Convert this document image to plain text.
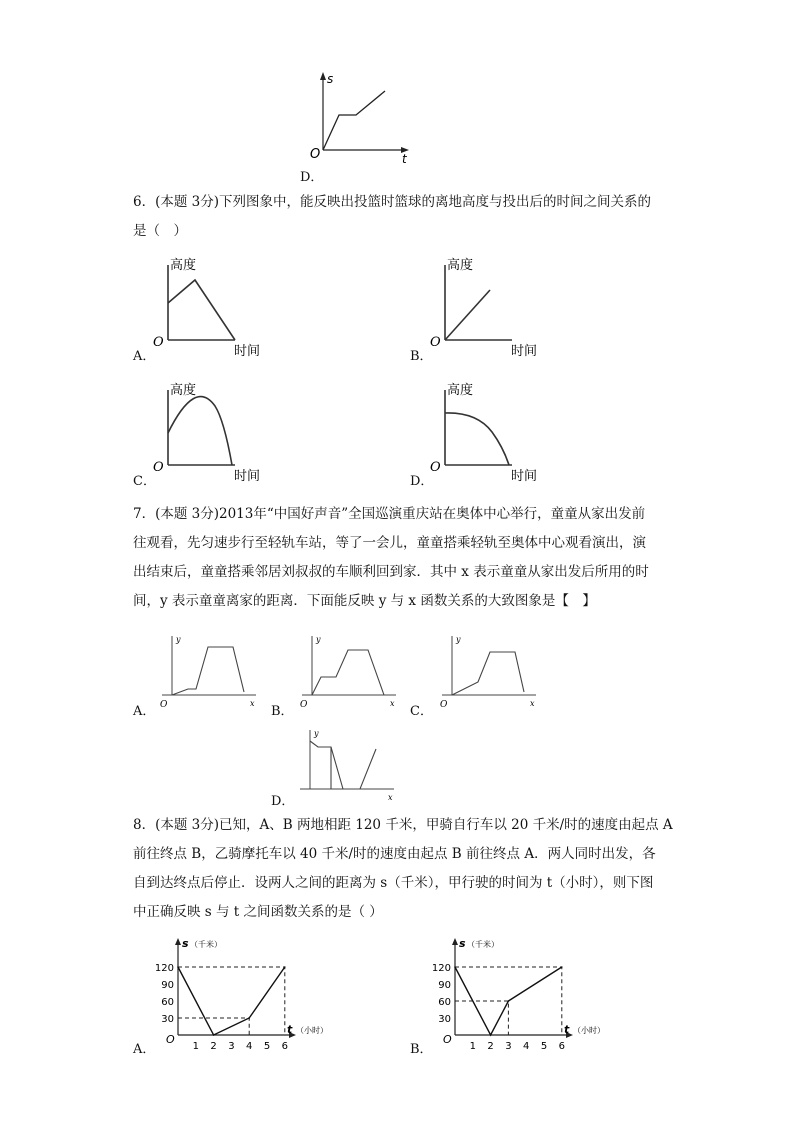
D．
s
t
O
6．(本题 3分)下列图象中，能反映出投篮时篮球的离地高度与投出后的时间之间关系的
是（　）
A．
高度
时间
O
B．
高度
时间
O
C．
高度
时间
O
D．
高度
时间
O
7．(本题 3分)2013年“中国好声音”全国巡演重庆站在奥体中心举行，童童从家出发前
往观看，先匀速步行至轻轨车站，等了一会儿，童童搭乘轻轨至奥体中心观看演出，演
出结束后，童童搭乘邻居刘叔叔的车顺利回到家．其中 x 表示童童从家出发后所用的时
间，y 表示童童离家的距离．下面能反映 y 与 x 函数关系的大致图象是【　】
A．
y
x
O	B．
y
x
O	C．
y
x
O
D．
y
x
8．(本题 3分)已知，A、B 两地相距 120 千米，甲骑自行车以 20 千米/时的速度由起点 A
前往终点 B，乙骑摩托车以 40 千米/时的速度由起点 B 前往终点 A．两人同时出发，各
自到达终点后停止．设两人之间的距离为 s（千米），甲行驶的时间为 t（小时），则下图
中正确反映 s 与 t 之间函数关系的是（ ）
A．
120
90
60
30
1 2 3 4 5 6
O
s （千米）
t （小时）
B．
120
90
60
30
1 2 3 4 5 6
O
s （千米）
t （小时）
